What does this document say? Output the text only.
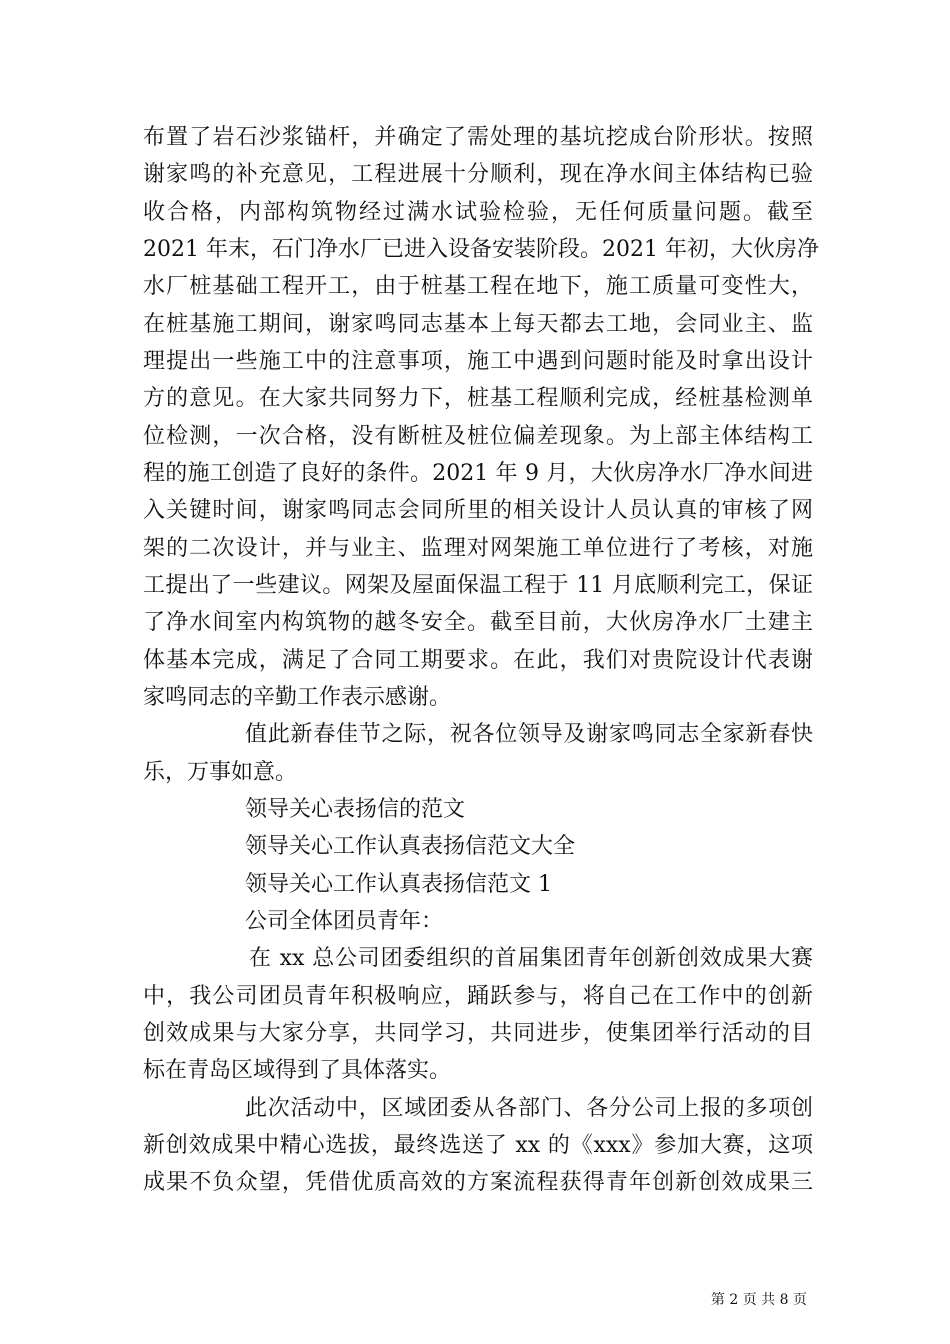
布置了岩石沙浆锚杆，并确定了需处理的基坑挖成台阶形状。按照
谢家鸣的补充意见，工程进展十分顺利，现在净水间主体结构已验
收合格，内部构筑物经过满水试验检验，无任何质量问题。截至
2021 年末，石门净水厂已进入设备安装阶段。2021 年初，大伙房净
水厂桩基础工程开工，由于桩基工程在地下，施工质量可变性大，
在桩基施工期间，谢家鸣同志基本上每天都去工地，会同业主、监
理提出一些施工中的注意事项，施工中遇到问题时能及时拿出设计
方的意见。在大家共同努力下，桩基工程顺利完成，经桩基检测单
位检测，一次合格，没有断桩及桩位偏差现象。为上部主体结构工
程的施工创造了良好的条件。2021 年 9 月，大伙房净水厂净水间进
入关键时间，谢家鸣同志会同所里的相关设计人员认真的审核了网
架的二次设计，并与业主、监理对网架施工单位进行了考核，对施
工提出了一些建议。网架及屋面保温工程于 11 月底顺利完工，保证
了净水间室内构筑物的越冬安全。截至目前，大伙房净水厂土建主
体基本完成，满足了合同工期要求。在此，我们对贵院设计代表谢
家鸣同志的辛勤工作表示感谢。
值此新春佳节之际，祝各位领导及谢家鸣同志全家新春快
乐，万事如意。
领导关心表扬信的范文
领导关心工作认真表扬信范文大全
领导关心工作认真表扬信范文 1
公司全体团员青年：
在 xx 总公司团委组织的首届集团青年创新创效成果大赛
中，我公司团员青年积极响应，踊跃参与，将自己在工作中的创新
创效成果与大家分享，共同学习，共同进步，使集团举行活动的目
标在青岛区域得到了具体落实。
此次活动中，区域团委从各部门、各分公司上报的多项创
新创效成果中精心选拔，最终选送了 xx 的《xxx》参加大赛，这项
成果不负众望，凭借优质高效的方案流程获得青年创新创效成果三
第 2 页 共 8 页
